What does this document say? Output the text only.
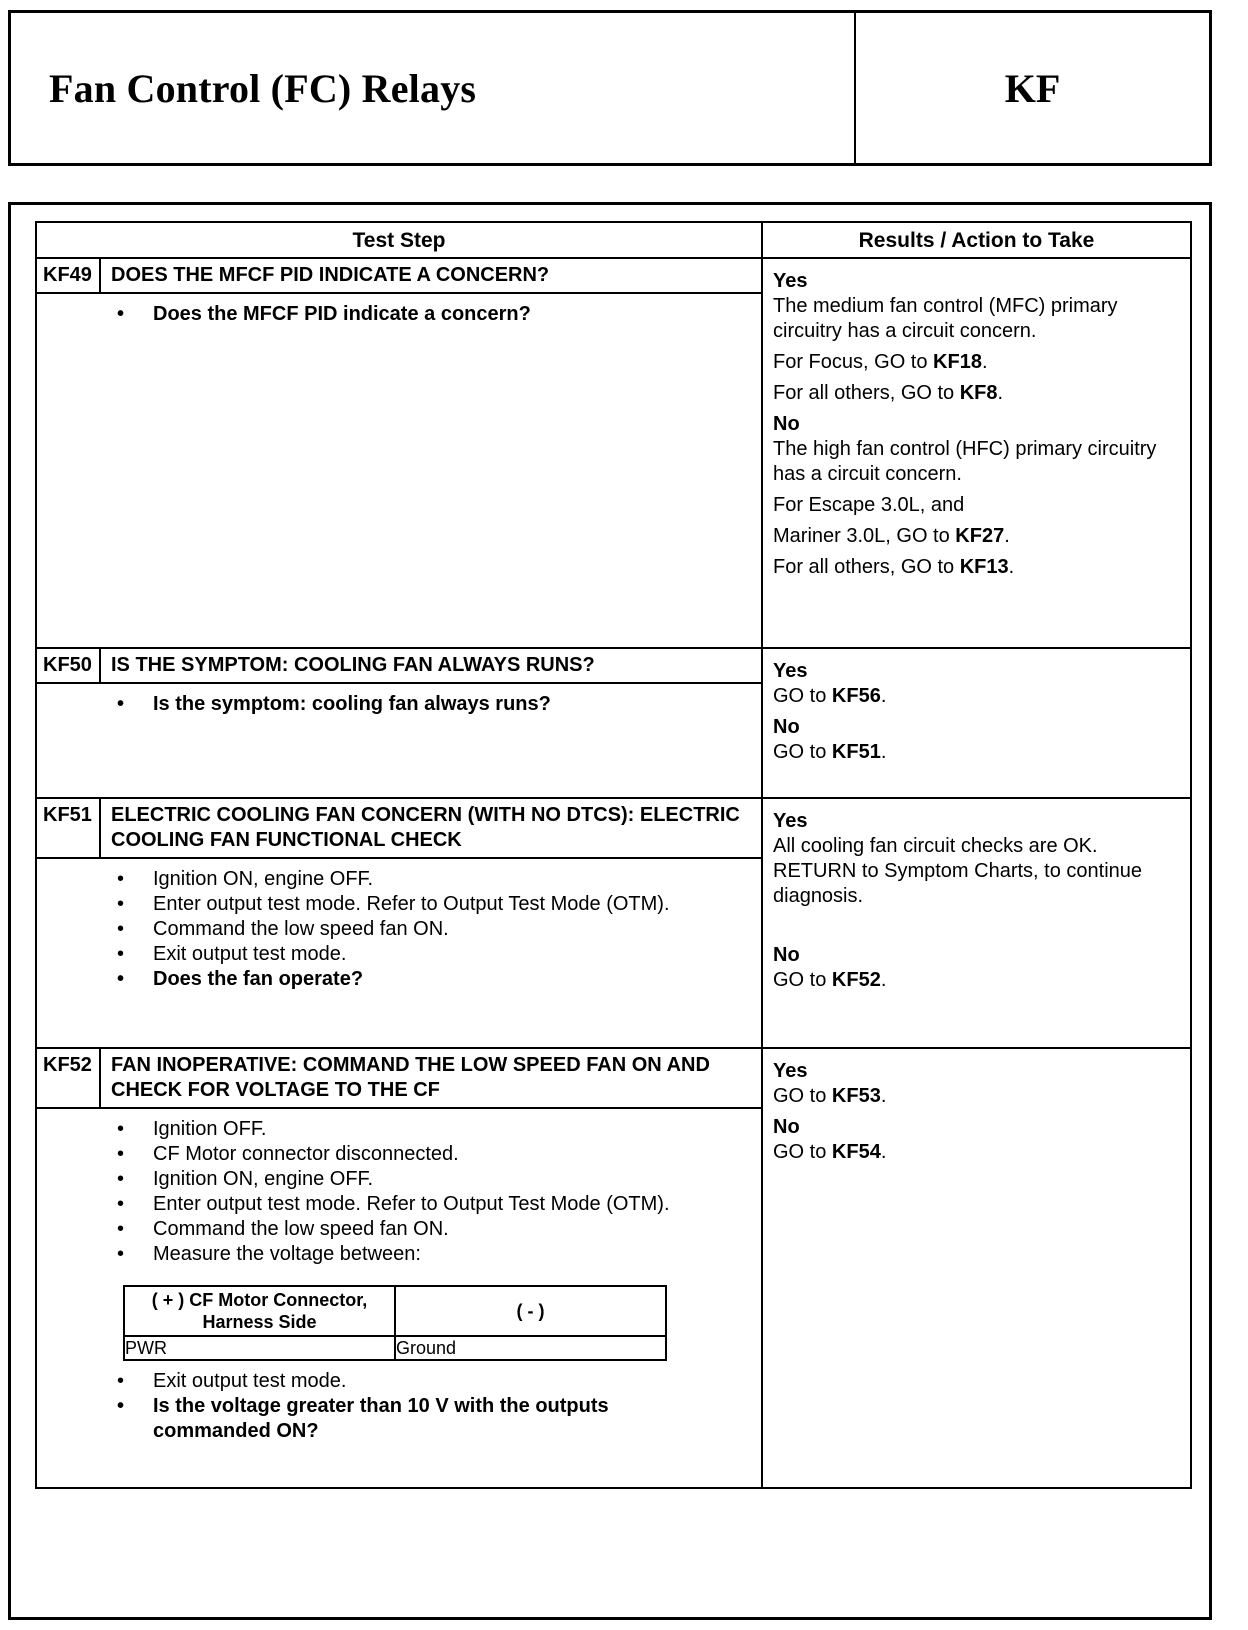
Fan Control (FC) Relays	KF
Test Step	Results / Action to Take

KF49 DOES THE MFCF PID INDICATE A CONCERN?
• Does the MFCF PID indicate a concern?

Yes
The medium fan control (MFC) primary circuitry has a circuit concern.
For Focus, GO to KF18.
For all others, GO to KF8.
No
The high fan control (HFC) primary circuitry has a circuit concern.
For Escape 3.0L, and
Mariner 3.0L, GO to KF27.
For all others, GO to KF13.

KF50 IS THE SYMPTOM: COOLING FAN ALWAYS RUNS?
• Is the symptom: cooling fan always runs?

Yes
GO to KF56.
No
GO to KF51.

KF51 ELECTRIC COOLING FAN CONCERN (WITH NO DTCS): ELECTRIC COOLING FAN FUNCTIONAL CHECK
• Ignition ON, engine OFF.
• Enter output test mode. Refer to Output Test Mode (OTM).
• Command the low speed fan ON.
• Exit output test mode.
• Does the fan operate?

Yes
All cooling fan circuit checks are OK. RETURN to Symptom Charts, to continue diagnosis.
No
GO to KF52.

KF52 FAN INOPERATIVE: COMMAND THE LOW SPEED FAN ON AND CHECK FOR VOLTAGE TO THE CF
• Ignition OFF.
• CF Motor connector disconnected.
• Ignition ON, engine OFF.
• Enter output test mode. Refer to Output Test Mode (OTM).
• Command the low speed fan ON.
• Measure the voltage between:
( + ) CF Motor Connector, Harness Side	( - )
PWR	Ground
• Exit output test mode.
• Is the voltage greater than 10 V with the outputs commanded ON?

Yes
GO to KF53.
No
GO to KF54.
